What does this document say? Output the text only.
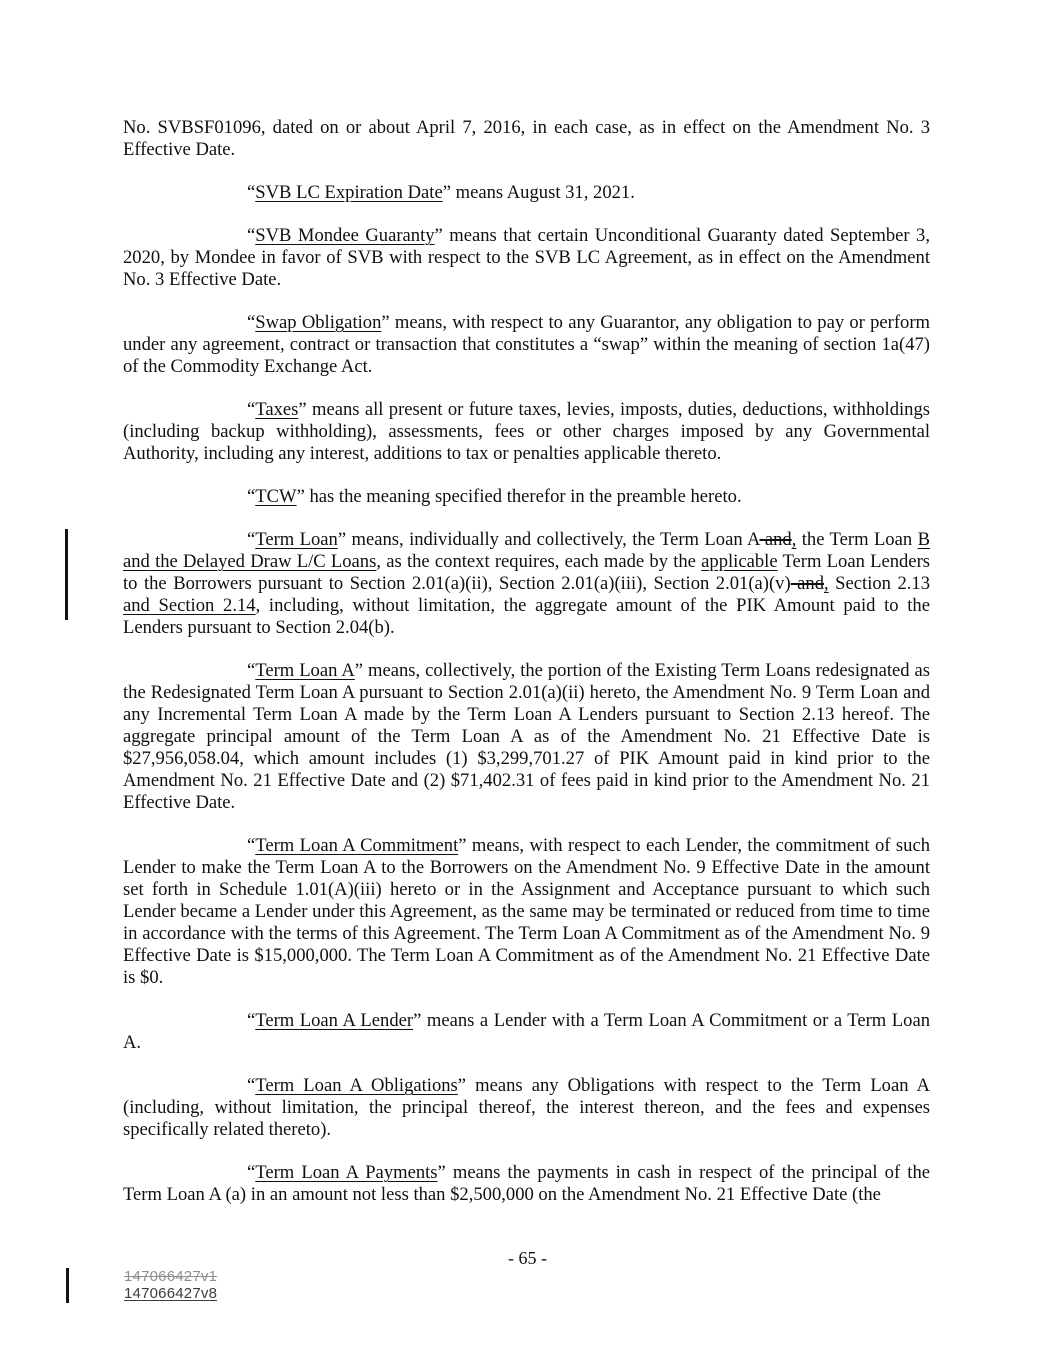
No. SVBSF01096, dated on or about April 7, 2016, in each case, as in effect on the Amendment No. 3 Effective Date.

“SVB LC Expiration Date” means August 31, 2021.

“SVB Mondee Guaranty” means that certain Unconditional Guaranty dated September 3, 2020, by Mondee in favor of SVB with respect to the SVB LC Agreement, as in effect on the Amendment No. 3 Effective Date.

“Swap Obligation” means, with respect to any Guarantor, any obligation to pay or perform under any agreement, contract or transaction that constitutes a “swap” within the meaning of section 1a(47) of the Commodity Exchange Act.

“Taxes” means all present or future taxes, levies, imposts, duties, deductions, withholdings (including backup withholding), assessments, fees or other charges imposed by any Governmental Authority, including any interest, additions to tax or penalties applicable thereto.

“TCW” has the meaning specified therefor in the preamble hereto.

“Term Loan” means, individually and collectively, the Term Loan A and, the Term Loan B and the Delayed Draw L/C Loans, as the context requires, each made by the applicable Term Loan Lenders to the Borrowers pursuant to Section 2.01(a)(ii), Section 2.01(a)(iii), Section 2.01(a)(v) and, Section 2.13 and Section 2.14, including, without limitation, the aggregate amount of the PIK Amount paid to the Lenders pursuant to Section 2.04(b).

“Term Loan A” means, collectively, the portion of the Existing Term Loans redesignated as the Redesignated Term Loan A pursuant to Section 2.01(a)(ii) hereto, the Amendment No. 9 Term Loan and any Incremental Term Loan A made by the Term Loan A Lenders pursuant to Section 2.13 hereof. The aggregate principal amount of the Term Loan A as of the Amendment No. 21 Effective Date is $27,956,058.04, which amount includes (1) $3,299,701.27 of PIK Amount paid in kind prior to the Amendment No. 21 Effective Date and (2) $71,402.31 of fees paid in kind prior to the Amendment No. 21 Effective Date.

“Term Loan A Commitment” means, with respect to each Lender, the commitment of such Lender to make the Term Loan A to the Borrowers on the Amendment No. 9 Effective Date in the amount set forth in Schedule 1.01(A)(iii) hereto or in the Assignment and Acceptance pursuant to which such Lender became a Lender under this Agreement, as the same may be terminated or reduced from time to time in accordance with the terms of this Agreement. The Term Loan A Commitment as of the Amendment No. 9 Effective Date is $15,000,000. The Term Loan A Commitment as of the Amendment No. 21 Effective Date is $0.

“Term Loan A Lender” means a Lender with a Term Loan A Commitment or a Term Loan A.

“Term Loan A Obligations” means any Obligations with respect to the Term Loan A (including, without limitation, the principal thereof, the interest thereon, and the fees and expenses specifically related thereto).

“Term Loan A Payments” means the payments in cash in respect of the principal of the Term Loan A (a) in an amount not less than $2,500,000 on the Amendment No. 21 Effective Date (the

- 65 -
147066427v1
147066427v8
